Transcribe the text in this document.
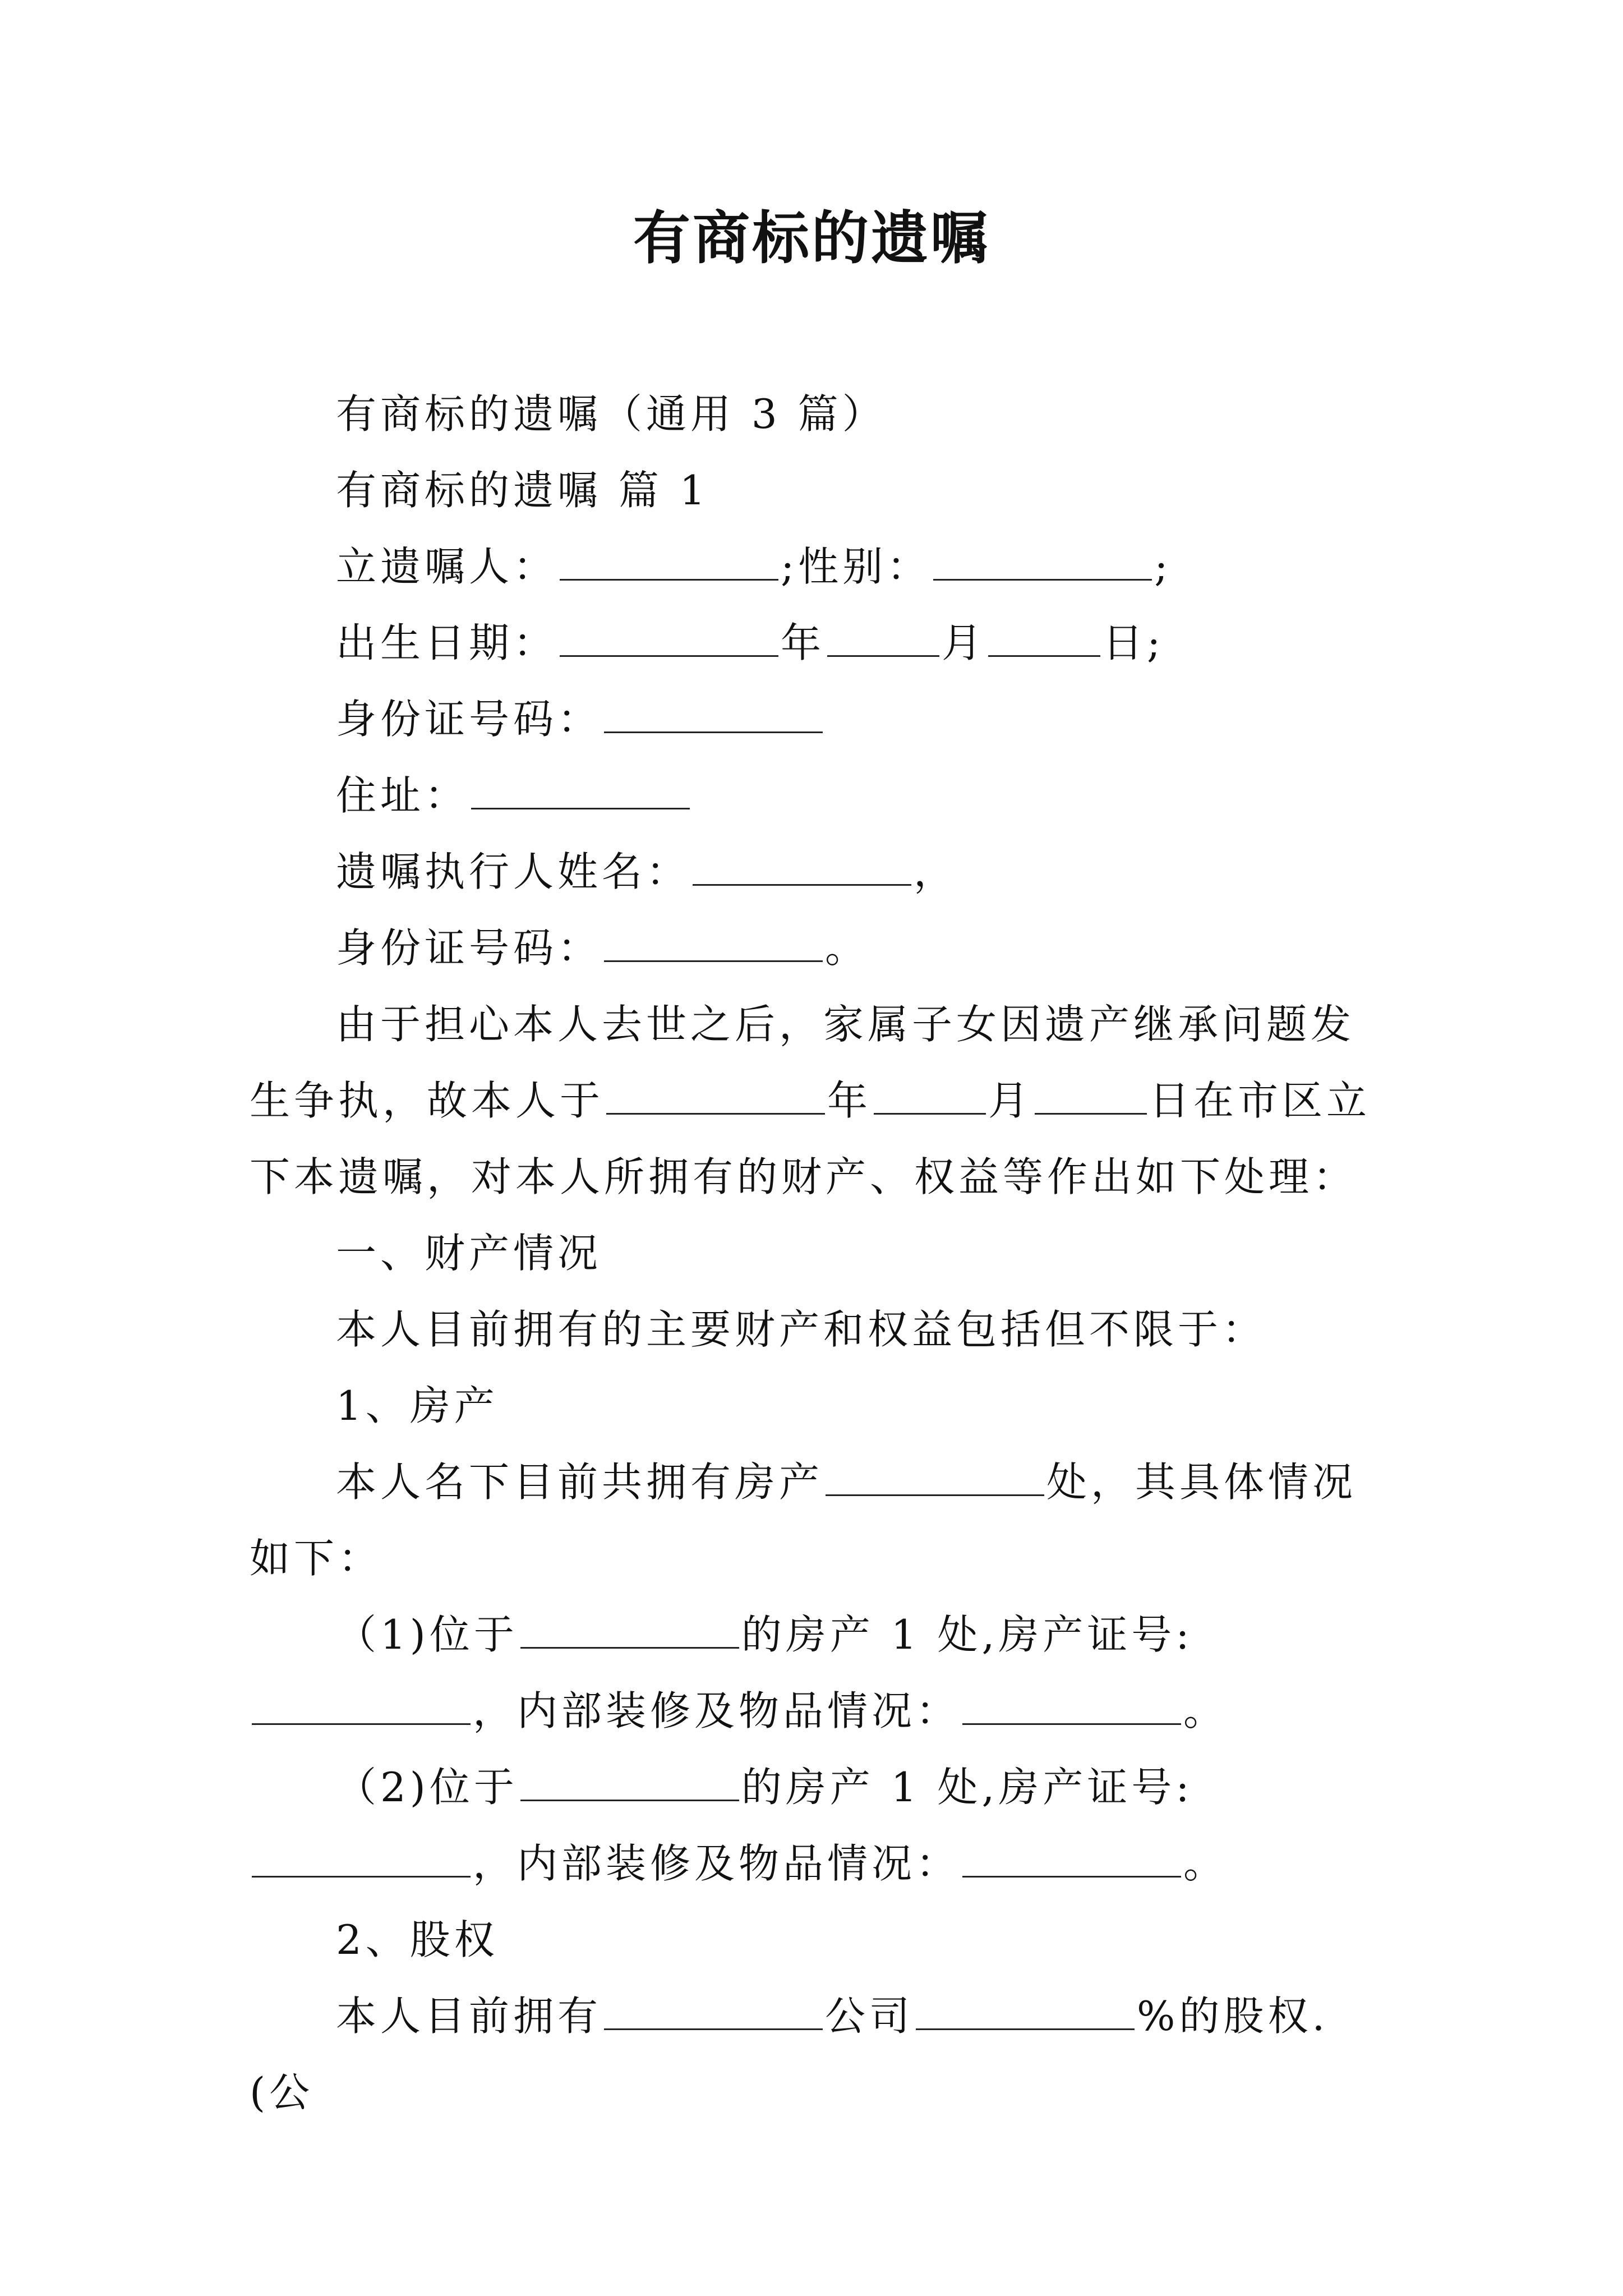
有商标的遗嘱

有商标的遗嘱（通用 3 篇）

有商标的遗嘱 篇 1

立遗嘱人：	;性别：	;

出生日期：	年	月	日;

身份证号码：

住址：

遗嘱执行人姓名：	，

身份证号码：	。

由于担心本人去世之后，家属子女因遗产继承问题发生争执，故本人于	年	月	日在市区立下本遗嘱，对本人所拥有的财产、权益等作出如下处理：

一、财产情况

本人目前拥有的主要财产和权益包括但不限于：

1、房产

本人名下目前共拥有房产	处，其具体情况如下：

（1)位于	的房产 1 处,房产证号: ，内部装修及物品情况：	。

（2)位于	的房产 1 处,房产证号: ，内部装修及物品情况：	。

2、股权

本人目前拥有	公司	%的股权.(公
